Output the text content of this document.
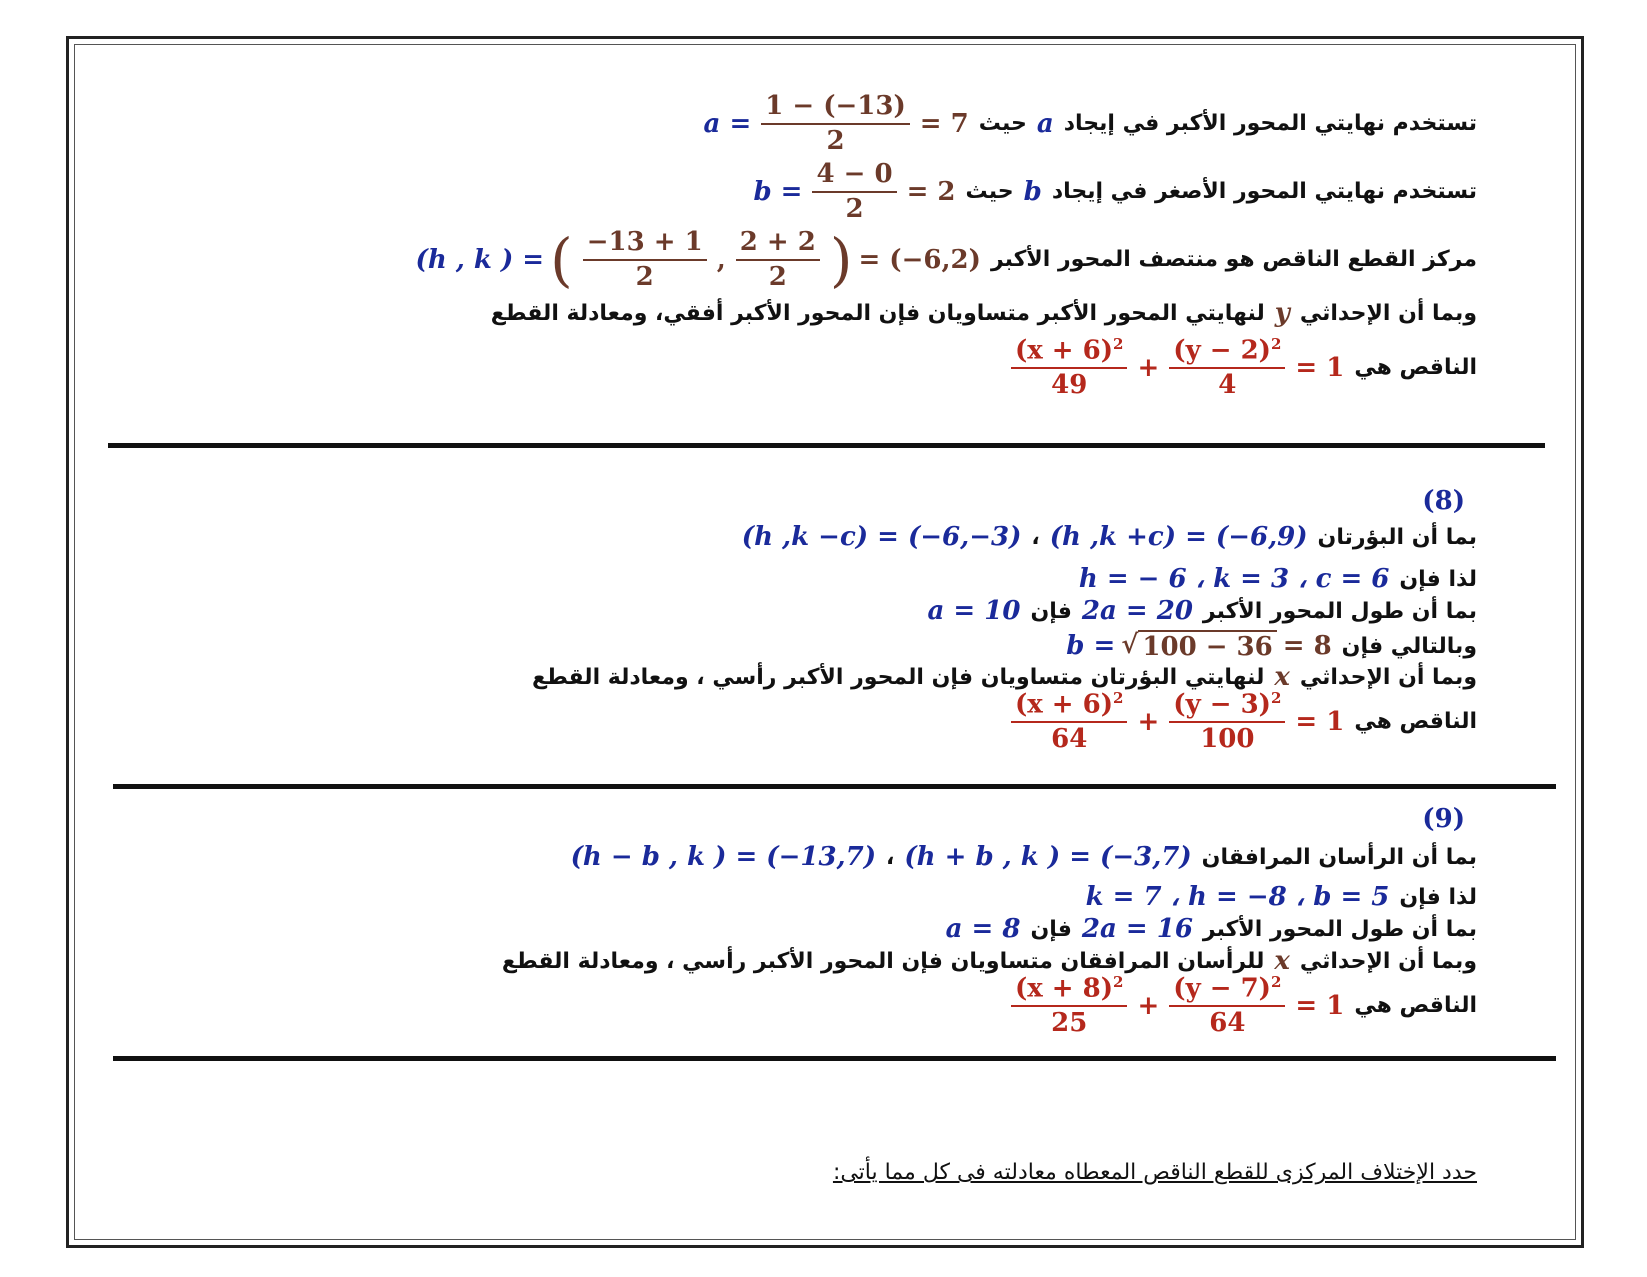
تستخدم نهايتي المحور الأكبر في إيجاد
a
حيث
$a = \frac{1 - (-13)}{2} = 7$
تستخدم نهايتي المحور الأصغر في إيجاد
b
حيث
$b = \frac{4 - 0}{2} = 2$
مركز القطع الناقص هو منتصف المحور الأكبر
(h , k ) = ( $\frac{-13 + 1}{2}$ , $\frac{2 + 2}{2}$ ) = (−6,2)
وبما أن الإحداثي
y
لنهايتي المحور الأكبر متساويان فإن المحور الأكبر أفقي، ومعادلة القطع
الناقص هي
$\frac{(x + 6)^2}{49} + \frac{(y - 2)^2}{4} = 1$
(8)
بما أن البؤرتان
(h ,k +c) = (−6,9)
،
(h ,k −c) = (−6,−3)
لذا فإن
h = − 6 ، k = 3 ، c = 6
بما أن طول المحور الأكبر
2a = 20
فإن
a = 10
وبالتالي فإن
b = √ 100 − 36 = 8
وبما أن الإحداثي
x
لنهايتي البؤرتان متساويان فإن المحور الأكبر رأسي ، ومعادلة القطع
الناقص هي
$\frac{(x + 6)^2}{64} + \frac{(y - 3)^2}{100} = 1$
(9)
بما أن الرأسان المرافقان
(h + b , k ) = (−3,7)
،
(h − b , k ) = (−13,7)
لذا فإن
k = 7 ، h = −8 ، b = 5
بما أن طول المحور الأكبر
2a = 16
فإن
a = 8
وبما أن الإحداثي
x
للرأسان المرافقان متساويان فإن المحور الأكبر رأسي ، ومعادلة القطع
الناقص هي
$\frac{(x + 8)^2}{25} + \frac{(y - 7)^2}{64} = 1$
حدد الإختلاف المركزى للقطع الناقص المعطاه معادلته فى كل مما يأتى:
